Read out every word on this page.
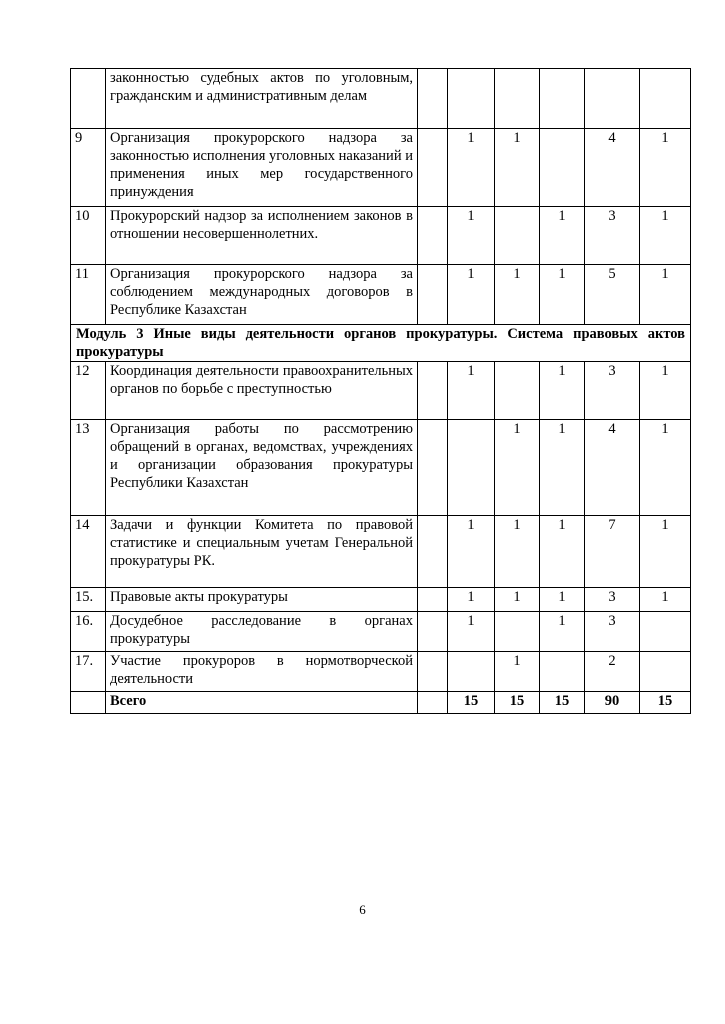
	законностью судебных актов по уголовным, гражданским и административным делам						
9	Организация прокурорского надзора за законностью исполнения уголовных наказаний и применения иных мер государственного принуждения		1	1		4	1
10	Прокурорский надзор за исполнением законов в отношении несовершеннолетних.		1		1	3	1
11	Организация прокурорского надзора за соблюдением международных договоров в Республике Казахстан		1	1	1	5	1
Модуль 3 Иные виды деятельности органов прокуратуры. Система правовых актов прокуратуры							
12	Координация деятельности правоохранительных органов по борьбе с преступностью		1		1	3	1
13	Организация работы по рассмотрению обращений в органах, ведомствах, учреждениях и организации образования прокуратуры Республики Казахстан			1	1	4	1
14	Задачи и функции Комитета по правовой статистике и специальным учетам Генеральной прокуратуры РК.		1	1	1	7	1
15.	Правовые акты прокуратуры		1	1	1	3	1
16.	Досудебное расследование в органах прокуратуры		1		1	3	
17.	Участие прокуроров в нормотворческой деятельности			1		2	
	Всего		15	15	15	90	15
6
